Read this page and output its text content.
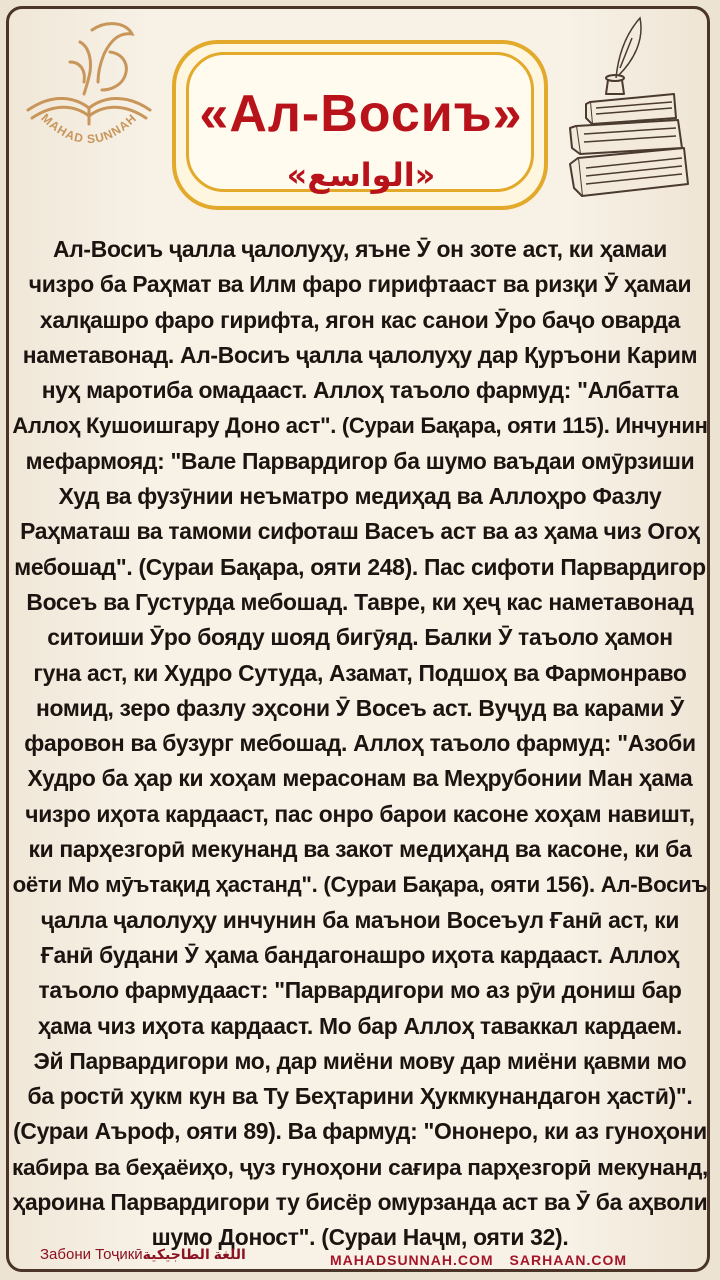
MAHAD SUNNAH	«Ал-Восиъ»
«الواسع»
Ал-Восиъ ҷалла ҷалолуҳу, яъне Ӯ он зоте аст, ки ҳамаи
чизро ба Раҳмат ва Илм фаро гирифтааст ва ризқи Ӯ ҳамаи
халқашро фаро гирифта, ягон кас санои Ӯро баҷо оварда
наметавонад. Ал-Восиъ ҷалла ҷалолуҳу дар Қуръони Карим
нуҳ маротиба омадааст. Аллоҳ таъоло фармуд: "Албатта
Аллоҳ Кушоишгару Доно аст". (Сураи Бақара, ояти 115). Инчунин
мефармояд: "Вале Парвардигор ба шумо ваъдаи омӯрзиши
Худ ва фузӯнии неъматро медиҳад ва Аллоҳро Фазлу
Раҳматаш ва тамоми сифоташ Васеъ аст ва аз ҳама чиз Огоҳ
мебошад". (Сураи Бақара, ояти 248). Пас сифоти Парвардигор
Восеъ ва Густурда мебошад. Тавре, ки ҳеҷ кас наметавонад
ситоиши Ӯро бояду шояд бигӯяд. Балки Ӯ таъоло ҳамон
гуна аст, ки Худро Сутуда, Азамат, Подшоҳ ва Фармонраво
номид, зеро фазлу эҳсони Ӯ Восеъ аст. Вуҷуд ва карами Ӯ
фаровон ва бузург мебошад. Аллоҳ таъоло фармуд: "Азоби
Худро ба ҳар ки хоҳам мерасонам ва Меҳрубонии Ман ҳама
чизро иҳота кардааст, пас онро барои касоне хоҳам навишт,
ки парҳезгорӣ мекунанд ва закот медиҳанд ва касоне, ки ба
оёти Мо мӯътақид ҳастанд". (Сураи Бақара, ояти 156). Ал-Восиъ
ҷалла ҷалолуҳу инчунин ба маънои Восеъул Ғанӣ аст, ки
Ғанӣ будани Ӯ ҳама бандагонашро иҳота кардааст. Аллоҳ
таъоло фармудааст: "Парвардигори мо аз рӯи дониш бар
ҳама чиз иҳота кардааст. Мо бар Аллоҳ таваккал кардаем.
Эй Парвардигори мо, дар миёни мову дар миёни қавми мо
ба ростӣ ҳукм кун ва Ту Беҳтарини Ҳукмкунандагон ҳастӣ)".
(Сураи Аъроф, ояти 89). Ва фармуд: "Ононеро, ки аз гуноҳони
кабира ва беҳаёиҳо, ҷуз гуноҳони сағира парҳезгорӣ мекунанд,
ҳароина Парвардигори ту бисёр омурзанда аст ва Ӯ ба аҳволи
шумо Доност". (Сураи Наҷм, ояти 32).
Забони Тоҷикӣاللغة الطاجيكية	MAHADSUNNAH.COM SARHAAN.COM
